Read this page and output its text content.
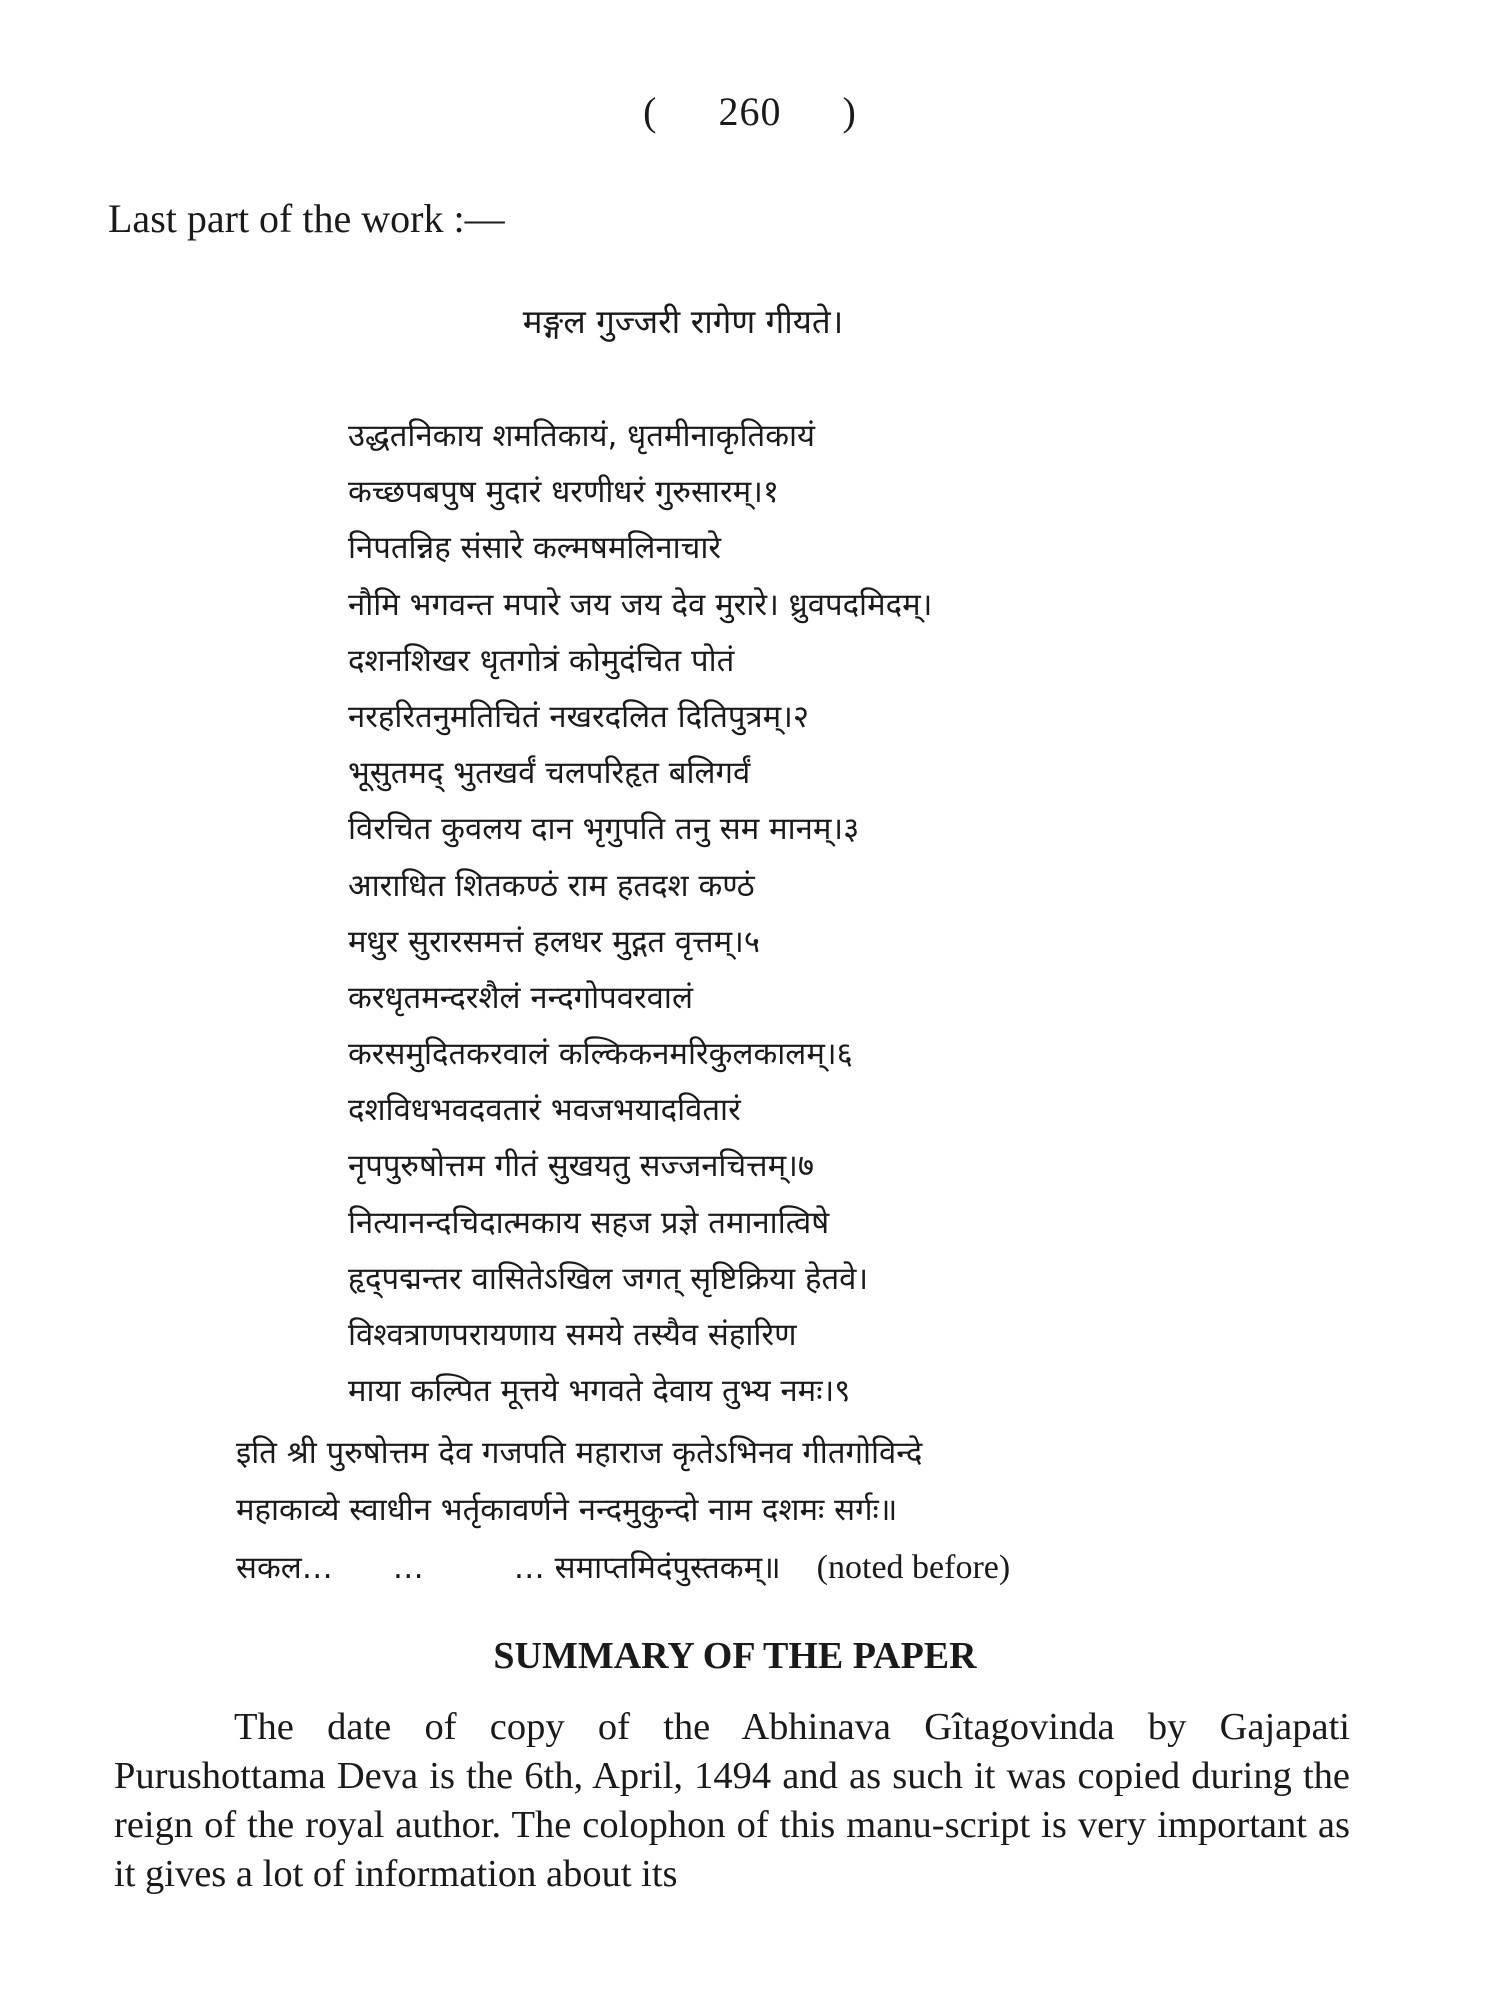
( 260 )
Last part of the work :—
मङ्गल गुज्जरी रागेण गीयते।
उद्धतनिकाय शमतिकायं, धृतमीनाकृतिकायं
कच्छपबपुष मुदारं धरणीधरं गुरुसारम्।१
निपतन्निह संसारे कल्मषमलिनाचारे
नौमि भगवन्त मपारे जय जय देव मुरारे। ध्रुवपदमिदम्।
दशनशिखर धृतगोत्रं कोमुदंचित पोतं
नरहरितनुमतिचितं नखरदलित दितिपुत्रम्।२
भूसुतमद् भुतखर्वं चलपरिहृत बलिगर्वं
विरचित कुवलय दान भृगुपति तनु सम मानम्।३
आराधित शितकण्ठं राम हतदश कण्ठं
मधुर सुरारसमत्तं हलधर मुद्गत वृत्तम्।५
करधृतमन्दरशैलं नन्दगोपवरवालं
करसमुदितकरवालं कल्किकनमरिकुलकालम्।६
दशविधभवदवतारं भवजभयादवितारं
नृपपुरुषोत्तम गीतं सुखयतु सज्जनचित्तम्।७
नित्यानन्दचिदात्मकाय सहज प्रज्ञे तमानात्विषे
हृद्पद्मन्तर वासितेऽखिल जगत् सृष्टिक्रिया हेतवे।
विश्वत्राणपरायणाय समये तस्यैव संहारिण
माया कल्पित मूत्तये भगवते देवाय तुभ्य नमः।९
इति श्री पुरुषोत्तम देव गजपति महाराज कृतेऽभिनव गीतगोविन्दे
महाकाव्ये स्वाधीन भर्तृकावर्णने नन्दमुकुन्दो नाम दशमः सर्गः॥
सकल… …	… समाप्तमिदंपुस्तकम्॥ (noted before)
SUMMARY OF THE PAPER

The date of copy of the Abhinava Gîtagovinda by Gajapati Purushottama Deva is the 6th, April, 1494 and as such it was copied during the reign of the royal author. The colophon of this manu-script is very important as it gives a lot of information about its
